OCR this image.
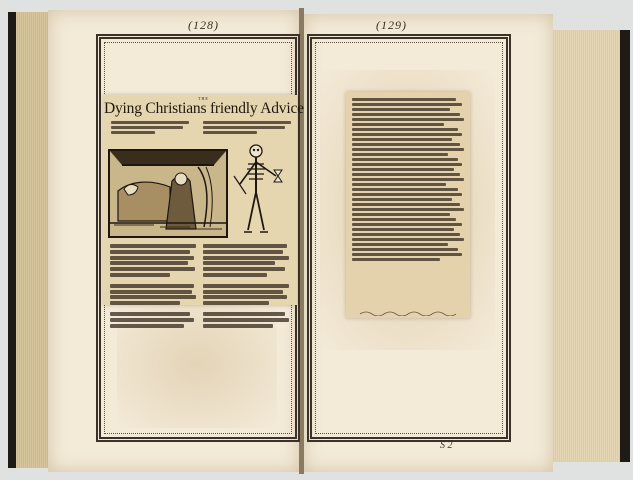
(128)	(129)
THE
Dying Christians friendly Advice
S 2
